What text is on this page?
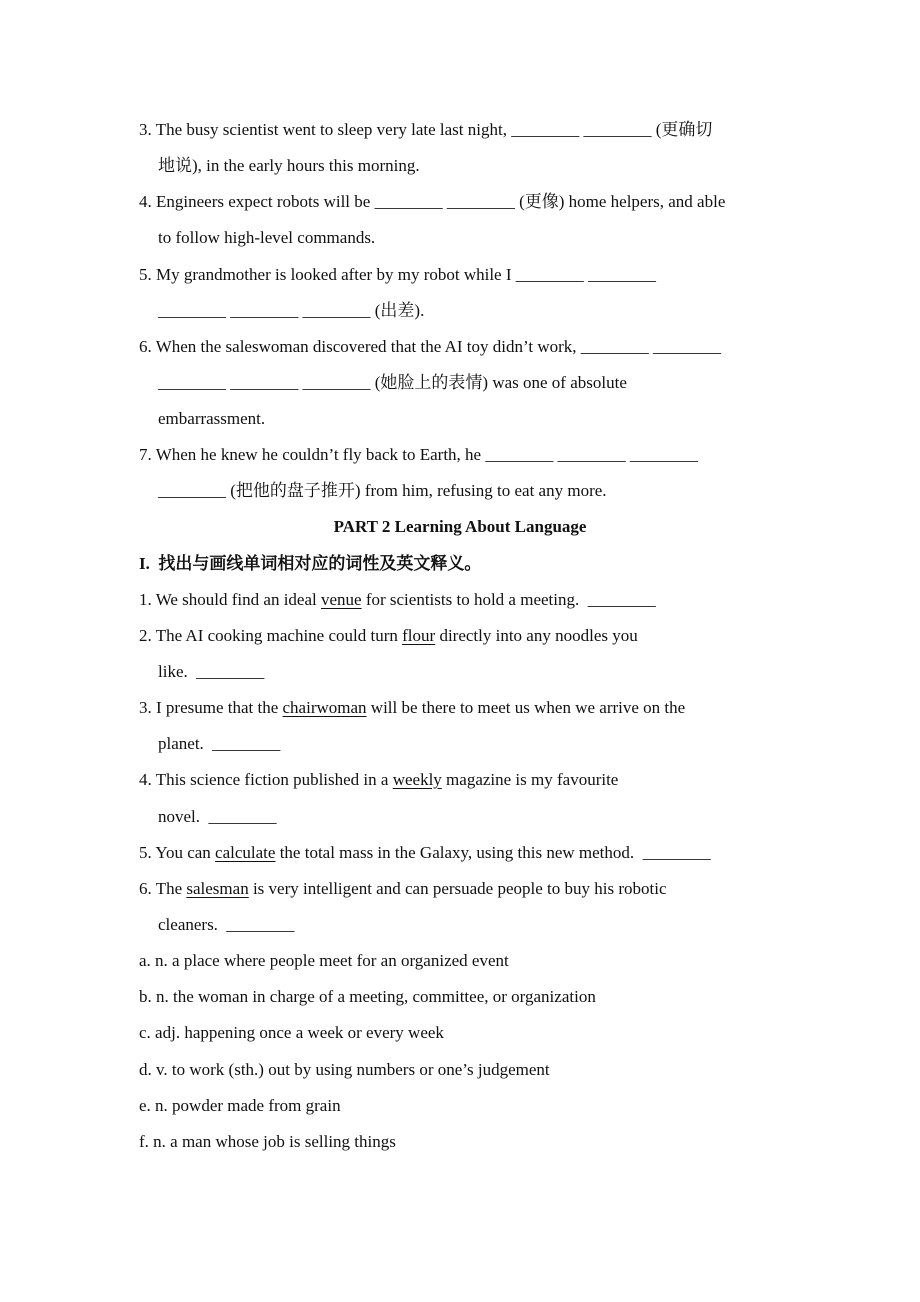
3. The busy scientist went to sleep very late last night, ________ ________ (更确切
地说), in the early hours this morning.
4. Engineers expect robots will be ________ ________ (更像) home helpers, and able
to follow high-level commands.
5. My grandmother is looked after by my robot while I ________ ________
________ ________ ________ (出差).
6. When the saleswoman discovered that the AI toy didn’t work, ________ ________
________ ________ ________ (她脸上的表情) was one of absolute
embarrassment.
7. When he knew he couldn’t fly back to Earth, he ________ ________ ________
________ (把他的盘子推开) from him, refusing to eat any more.
PART 2 Learning About Language
I.  找出与画线单词相对应的词性及英文释义。
1. We should find an ideal venue for scientists to hold a meeting.  ________
2. The AI cooking machine could turn flour directly into any noodles you
like.  ________
3. I presume that the chairwoman will be there to meet us when we arrive on the
planet.  ________
4. This science fiction published in a weekly magazine is my favourite
novel.  ________
5. You can calculate the total mass in the Galaxy, using this new method.  ________
6. The salesman is very intelligent and can persuade people to buy his robotic
cleaners.  ________
a. n. a place where people meet for an organized event
b. n. the woman in charge of a meeting, committee, or organization
c. adj. happening once a week or every week
d. v. to work (sth.) out by using numbers or one’s judgement
e. n. powder made from grain
f. n. a man whose job is selling things
